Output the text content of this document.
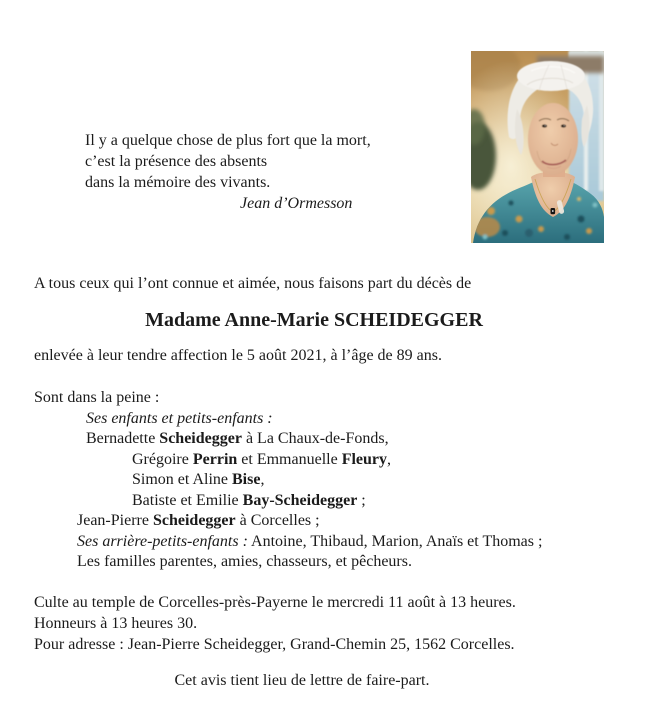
Il y a quelque chose de plus fort que la mort,
c’est la présence des absents
dans la mémoire des vivants.
Jean d’Ormesson
A tous ceux qui l’ont connue et aimée, nous faisons part du décès de
Madame Anne-Marie SCHEIDEGGER
enlevée à leur tendre affection le 5 août 2021, à l’âge de 89 ans.
Sont dans la peine :
Ses enfants et petits-enfants :
Bernadette Scheidegger à La Chaux-de-Fonds,
Grégoire Perrin et Emmanuelle Fleury,
Simon et Aline Bise,
Batiste et Emilie Bay-Scheidegger ;
Jean-Pierre Scheidegger à Corcelles ;
Ses arrière-petits-enfants : Antoine, Thibaud, Marion, Anaïs et Thomas ;
Les familles parentes, amies, chasseurs, et pêcheurs.
Culte au temple de Corcelles-près-Payerne le mercredi 11 août à 13 heures.
Honneurs à 13 heures 30.
Pour adresse : Jean-Pierre Scheidegger, Grand-Chemin 25, 1562 Corcelles.
Cet avis tient lieu de lettre de faire-part.
